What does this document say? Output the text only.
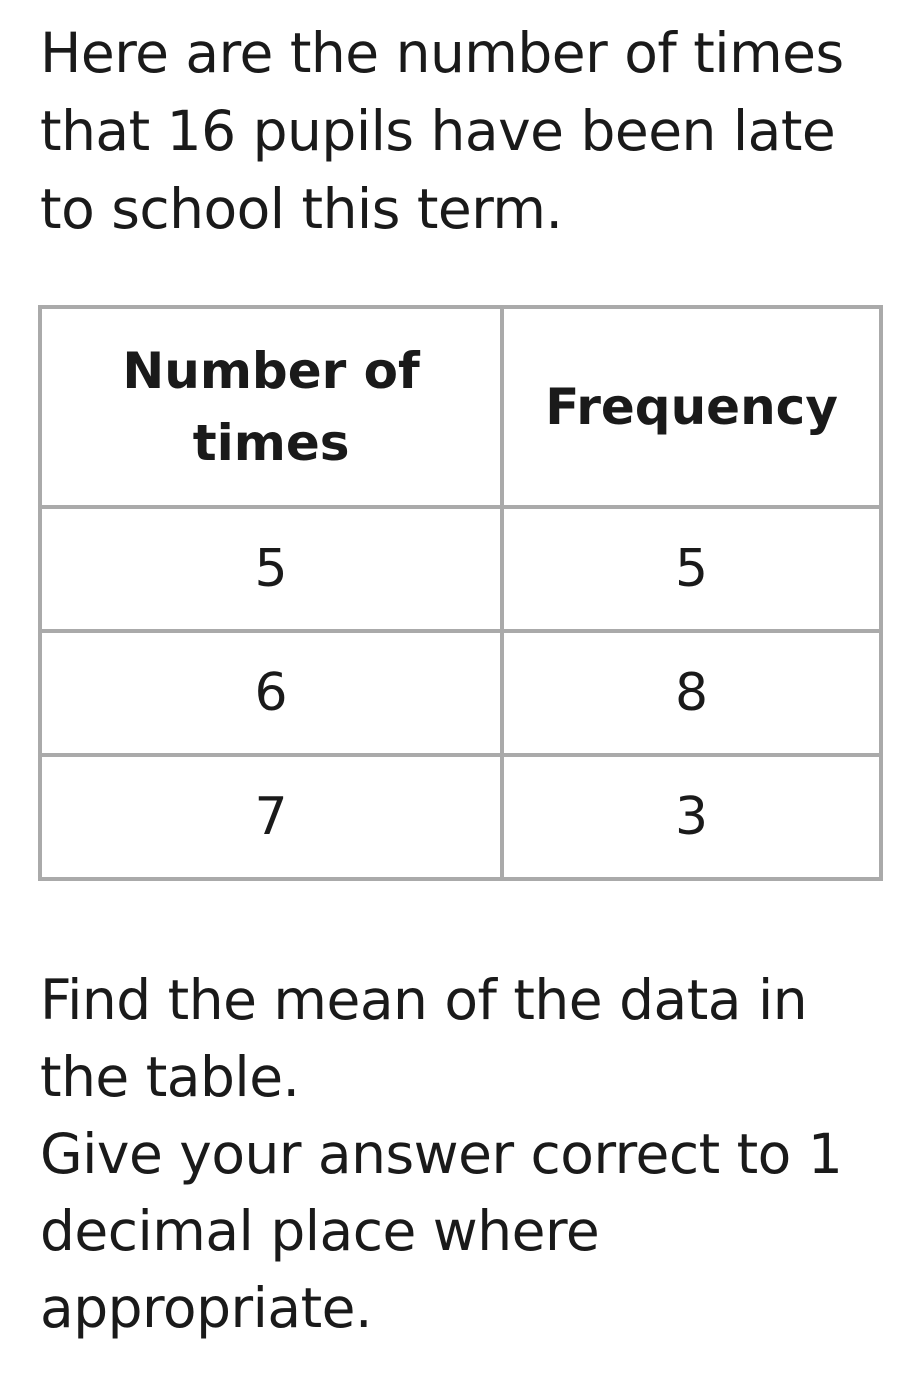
Here are the number of times that 16 pupils have been late to school this term.

Number of times	Frequency
5	5
6	8
7	3

Find the mean of the data in the table.

Give your answer correct to 1 decimal place where appropriate.
